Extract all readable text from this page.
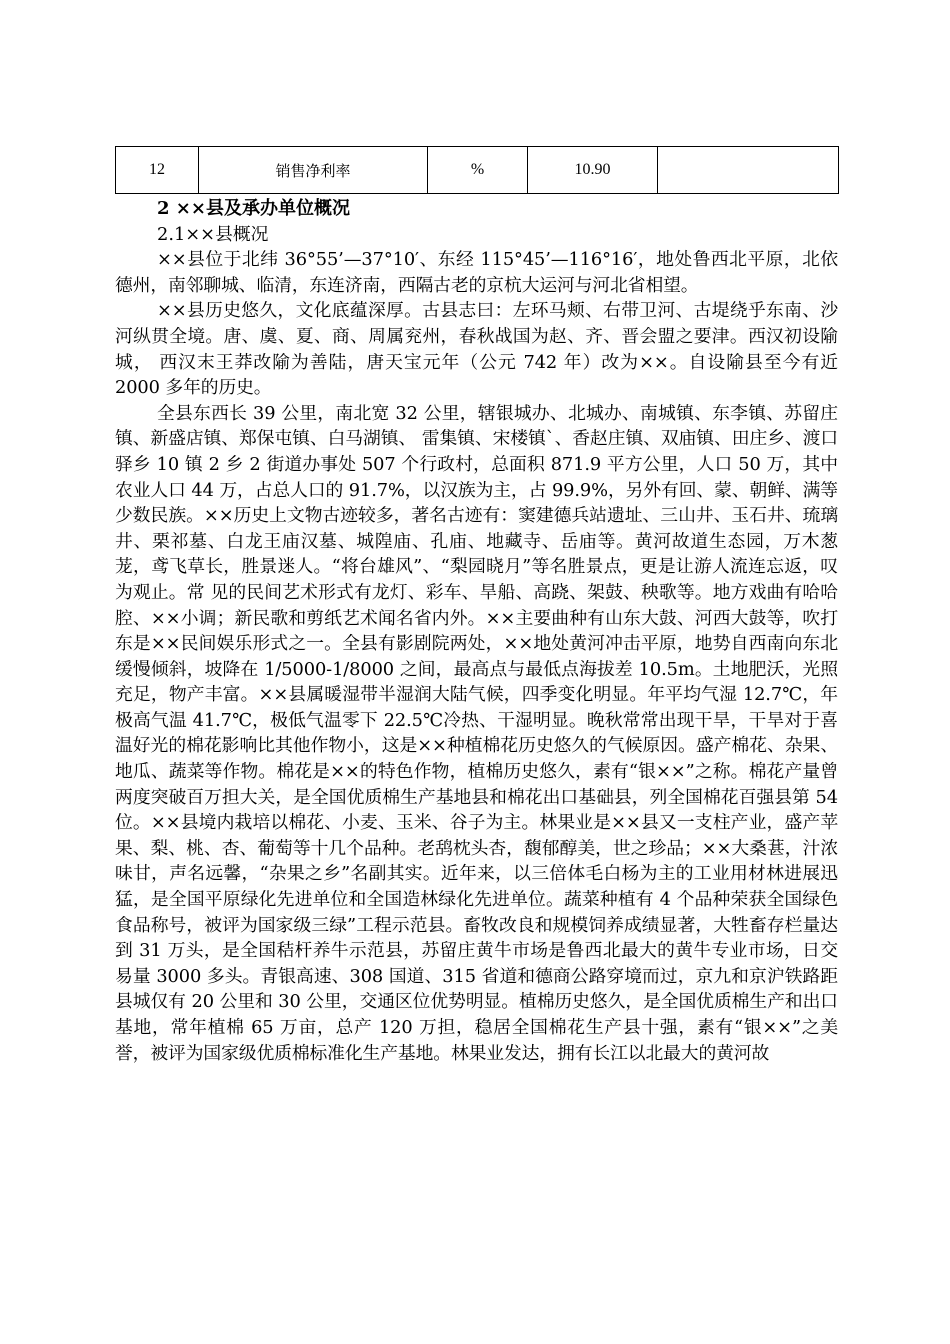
12	销售净利率	%	10.90	

2 ××县及承办单位概况

2.1××县概况

××县位于北纬 36°55’—37°10′、东经 115°45’—116°16′，地处鲁西北平原，北依德州，南邻聊城、临清，东连济南，西隔古老的京杭大运河与河北省相望。

××县历史悠久，文化底蕴深厚。古县志曰：左环马颊、右带卫河、古堤绕乎东南、沙河纵贯全境。唐、虞、夏、商、周属兖州，春秋战国为赵、齐、晋会盟之要津。西汉初设隃城， 西汉末王莽改隃为善陆，唐天宝元年（公元 742 年）改为××。自设隃县至今有近 2000 多年的历史。

全县东西长 39 公里，南北宽 32 公里，辖银城办、北城办、南城镇、东李镇、苏留庄镇、新盛店镇、郑保屯镇、白马湖镇、 雷集镇、宋楼镇`、香赵庄镇、双庙镇、田庄乡、渡口驿乡 10 镇 2 乡 2 街道办事处 507 个行政村，总面积 871.9 平方公里，人口 50 万，其中农业人口 44 万，占总人口的 91.7%，以汉族为主，占 99.9%，另外有回、蒙、朝鲜、满等少数民族。××历史上文物古迹较多，著名古迹有：窦建德兵站遗址、三山井、玉石井、琉璃井、栗祁墓、白龙王庙汉墓、城隍庙、孔庙、地藏寺、岳庙等。黄河故道生态园，万木葱茏，鸢飞草长，胜景迷人。“将台雄风”、“梨园晓月”等名胜景点，更是让游人流连忘返，叹为观止。常 见的民间艺术形式有龙灯、彩车、旱船、高跷、架鼓、秧歌等。地方戏曲有哈哈腔、××小调；新民歌和剪纸艺术闻名省内外。××主要曲种有山东大鼓、河西大鼓等，吹打东是××民间娱乐形式之一。全县有影剧院两处，××地处黄河冲击平原，地势自西南向东北缓慢倾斜，坡降在 1/5000-1/8000 之间，最高点与最低点海拔差 10.5m。土地肥沃，光照充足，物产丰富。××县属暖湿带半湿润大陆气候，四季变化明显。年平均气湿 12.7℃，年极高气温 41.7℃，极低气温零下 22.5℃冷热、干湿明显。晚秋常常出现干旱，干旱对于喜温好光的棉花影响比其他作物小，这是××种植棉花历史悠久的气候原因。盛产棉花、杂果、地瓜、蔬菜等作物。棉花是××的特色作物，植棉历史悠久，素有“银××”之称。棉花产量曾两度突破百万担大关，是全国优质棉生产基地县和棉花出口基础县，列全国棉花百强县第 54 位。××县境内栽培以棉花、小麦、玉米、谷子为主。林果业是××县又一支柱产业，盛产苹果、梨、桃、杏、葡萄等十几个品种。老鸹枕头杏，馥郁醇美，世之珍品；××大桑葚，汁浓味甘，声名远馨，“杂果之乡”名副其实。近年来，以三倍体毛白杨为主的工业用材林进展迅猛，是全国平原绿化先进单位和全国造林绿化先进单位。蔬菜种植有 4 个品种荣获全国绿色食品称号，被评为国家级三绿”工程示范县。畜牧改良和规模饲养成绩显著，大牲畜存栏量达到 31 万头，是全国秸杆养牛示范县，苏留庄黄牛市场是鲁西北最大的黄牛专业市场，日交易量 3000 多头。青银高速、308 国道、315 省道和德商公路穿境而过，京九和京沪铁路距县城仅有 20 公里和 30 公里，交通区位优势明显。植棉历史悠久，是全国优质棉生产和出口基地，常年植棉 65 万亩，总产 120 万担，稳居全国棉花生产县十强，素有“银××”之美誉，被评为国家级优质棉标准化生产基地。林果业发达，拥有长江以北最大的黄河故
